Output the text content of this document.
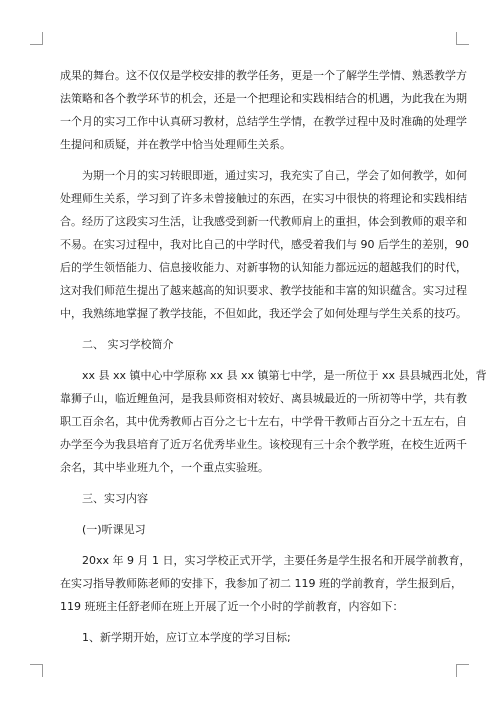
成果的舞台。这不仅仅是学校安排的教学任务，更是一个了解学生学情、熟悉教学方
法策略和各个教学环节的机会，还是一个把理论和实践相结合的机遇，为此我在为期
一个月的实习工作中认真研习教材，总结学生学情，在教学过程中及时准确的处理学
生提问和质疑，并在教学中恰当处理师生关系。
为期一个月的实习转眼即逝，通过实习，我充实了自己，学会了如何教学，如何
处理师生关系，学习到了许多未曾接触过的东西，在实习中很快的将理论和实践相结
合。经历了这段实习生活，让我感受到新一代教师肩上的重担，体会到教师的艰辛和
不易。在实习过程中，我对比自己的中学时代，感受着我们与 90 后学生的差别，90
后的学生领悟能力、信息接收能力、对新事物的认知能力都远远的超越我们的时代，
这对我们师范生提出了越来越高的知识要求、教学技能和丰富的知识蕴含。实习过程
中，我熟练地掌握了教学技能，不但如此，我还学会了如何处理与学生关系的技巧。
二、 实习学校简介
xx 县 xx 镇中心中学原称 xx 县 xx 镇第七中学，是一所位于 xx 县县城西北处，背
靠狮子山，临近鲤鱼河，是我县师资相对较好、离县城最近的一所初等中学，共有教
职工百余名，其中优秀教师占百分之七十左右，中学骨干教师占百分之十五左右，自
办学至今为我县培育了近万名优秀毕业生。该校现有三十余个教学班，在校生近两千
余名，其中毕业班九个，一个重点实验班。
三、实习内容
(一)听课见习
20xx 年 9 月 1 日，实习学校正式开学，主要任务是学生报名和开展学前教育，
在实习指导教师陈老师的安排下，我参加了初二 119 班的学前教育，学生报到后，
119 班班主任舒老师在班上开展了近一个小时的学前教育，内容如下：
1、新学期开始，应订立本学度的学习目标;
